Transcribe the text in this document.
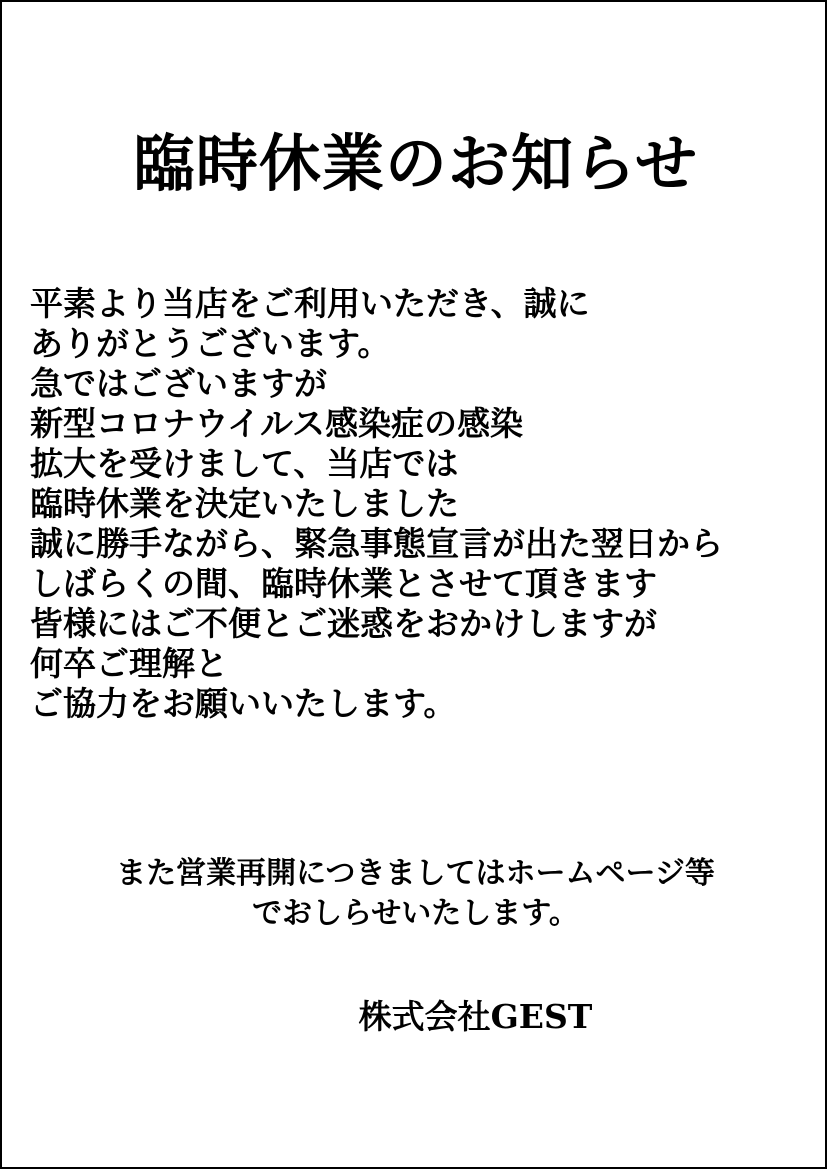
臨時休業のお知らせ
平素より当店をご利用いただき、誠に
ありがとうございます。
急ではございますが
新型コロナウイルス感染症の感染
拡大を受けまして、当店では
臨時休業を決定いたしました
誠に勝手ながら、緊急事態宣言が出た翌日から
しばらくの間、臨時休業とさせて頂きます
皆様にはご不便とご迷惑をおかけしますが
何卒ご理解と
ご協力をお願いいたします。
また営業再開につきましてはホームページ等
でおしらせいたします。
株式会社GEST
